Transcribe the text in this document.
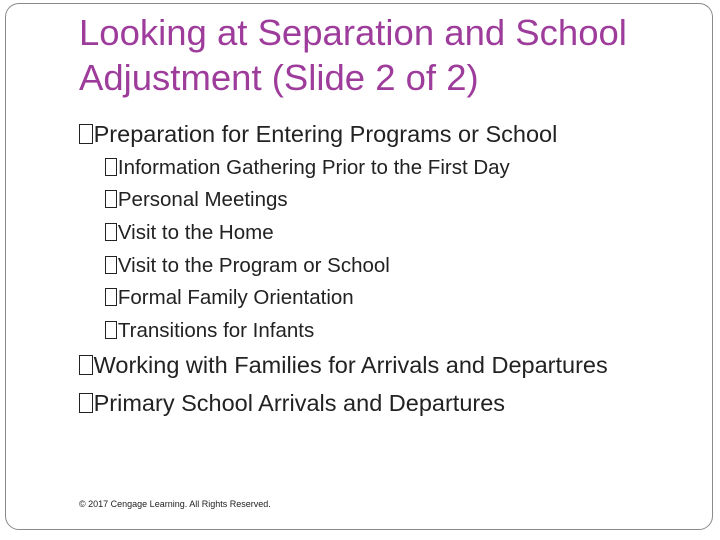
Looking at Separation and School
Adjustment (Slide 2 of 2)
Preparation for Entering Programs or School
Information Gathering Prior to the First Day
Personal Meetings
Visit to the Home
Visit to the Program or School
Formal Family Orientation
Transitions for Infants
Working with Families for Arrivals and Departures
Primary School Arrivals and Departures
© 2017 Cengage Learning. All Rights Reserved.
